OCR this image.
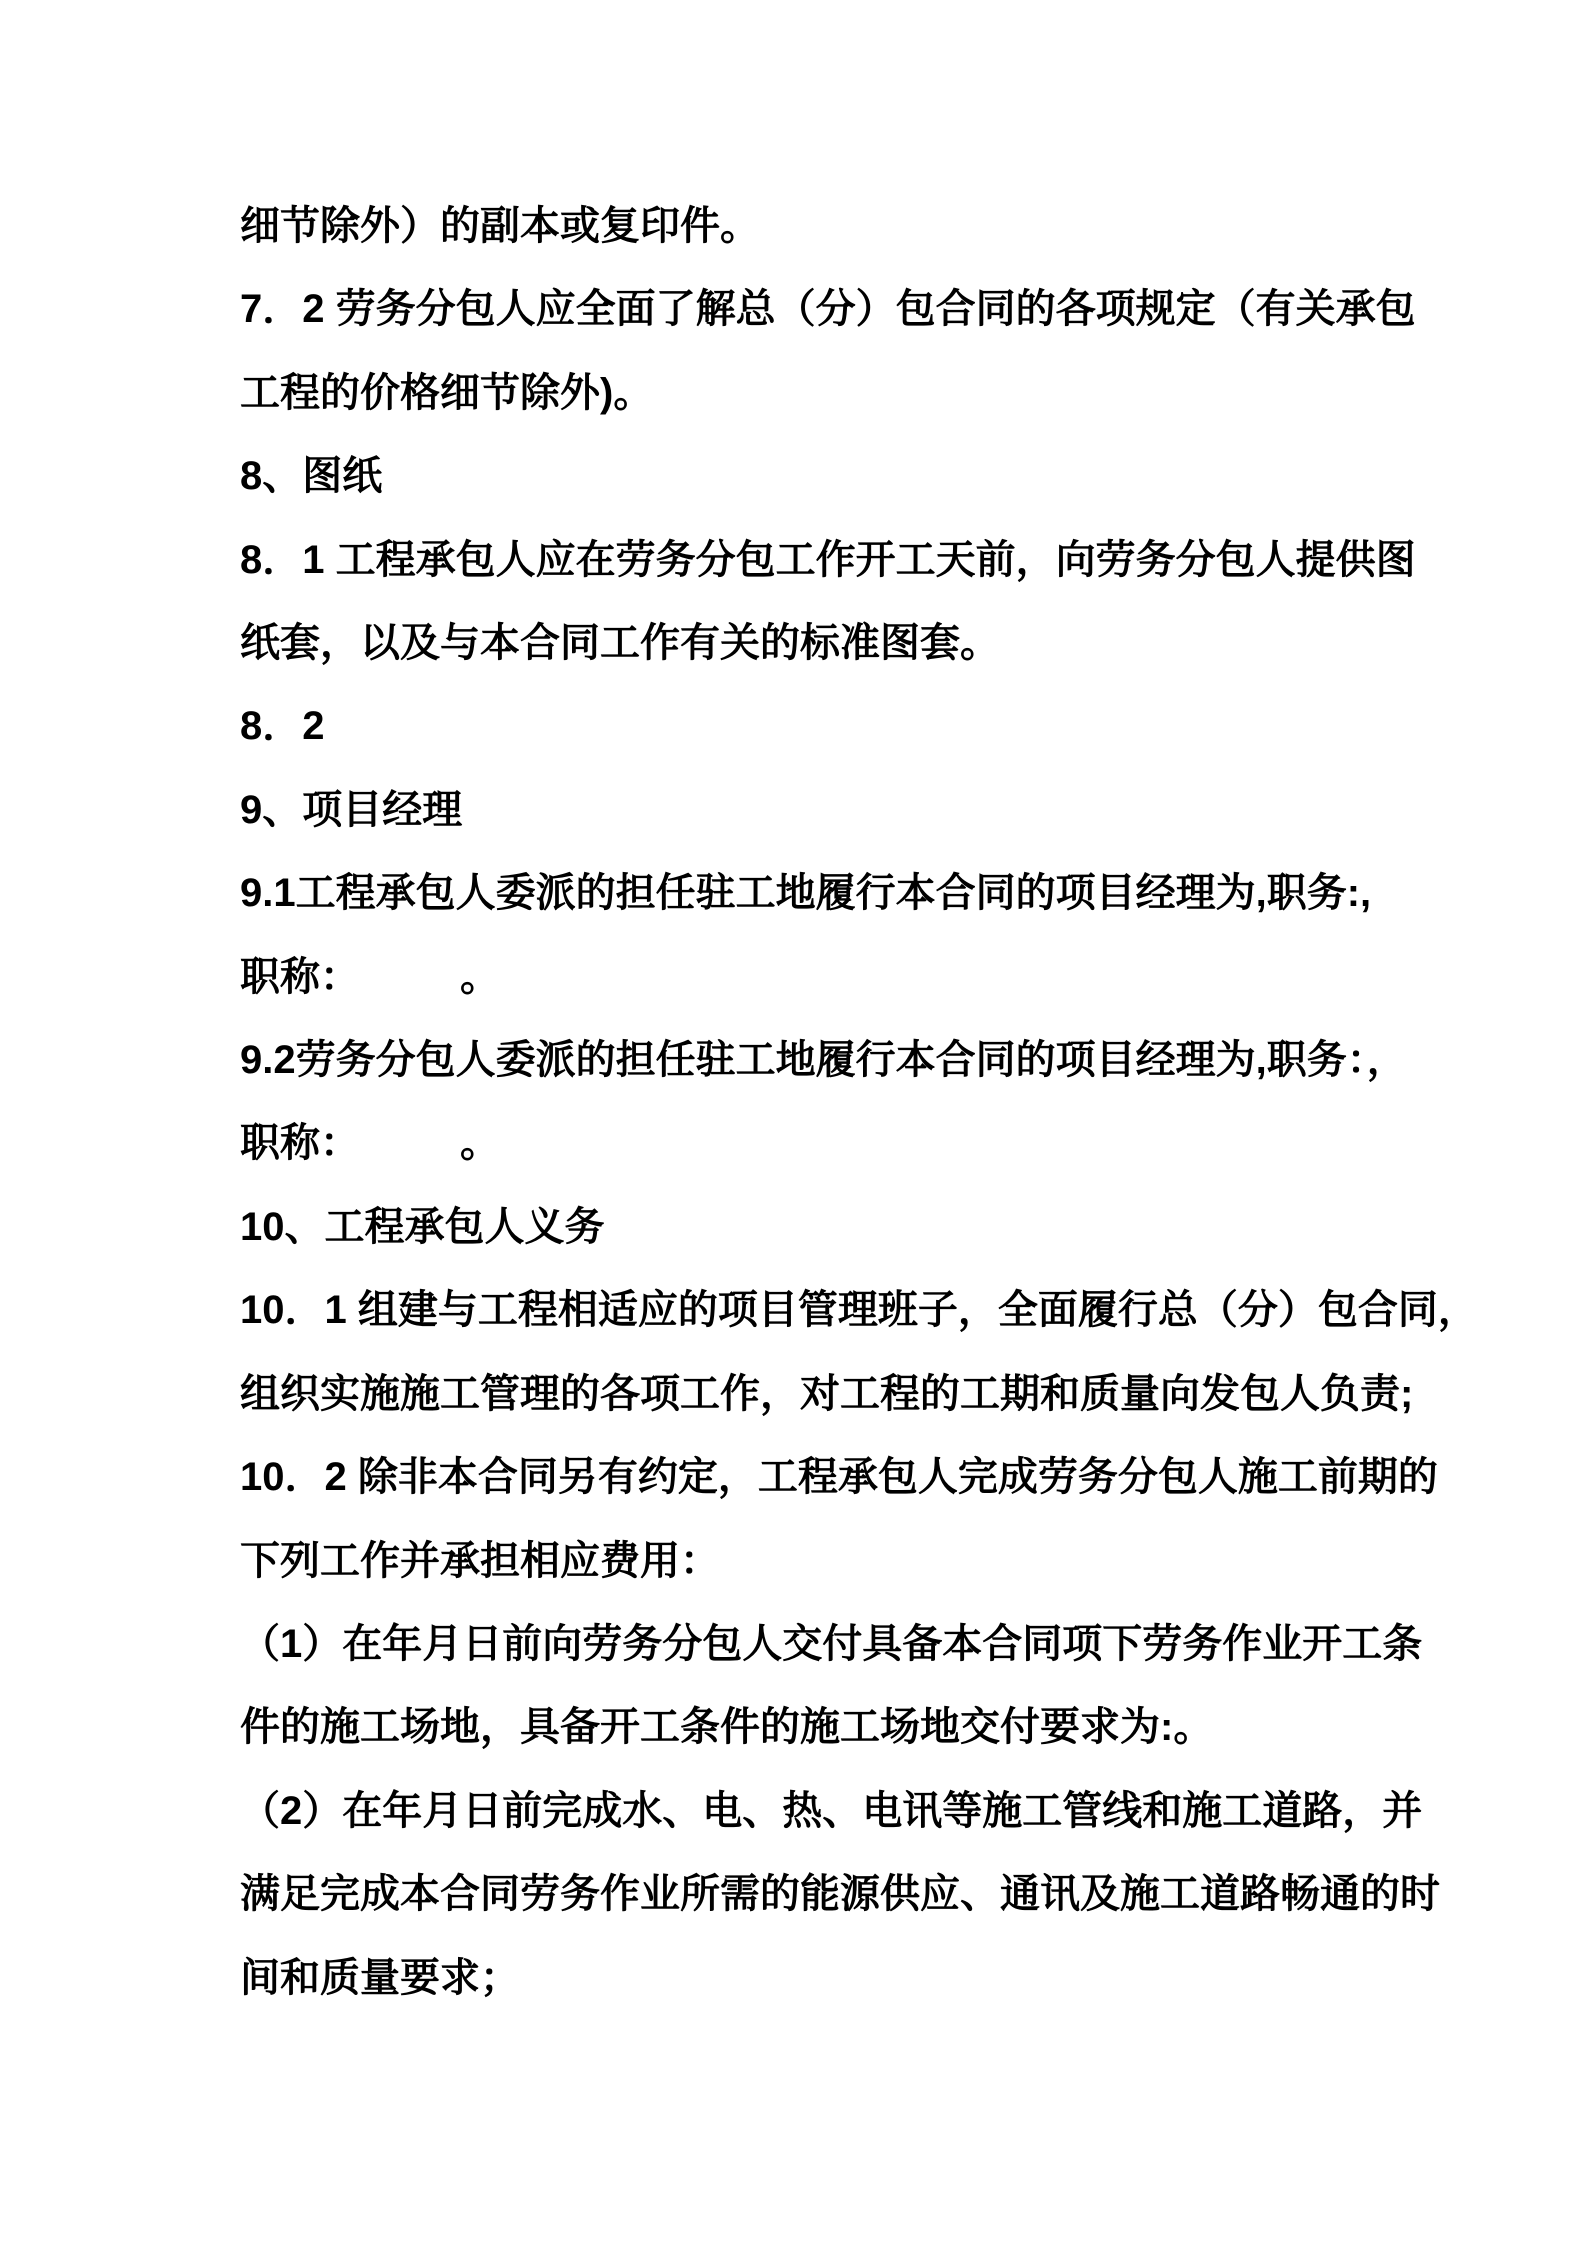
细节除外）的副本或复印件。
7．2 劳务分包人应全面了解总（分）包合同的各项规定（有关承包
工程的价格细节除外)。
8、图纸
8．1 工程承包人应在劳务分包工作开工天前，向劳务分包人提供图
纸套，以及与本合同工作有关的标准图套。
8．2
9、项目经理
9.1工程承包人委派的担任驻工地履行本合同的项目经理为,职务:,
职称：　　　。
9.2劳务分包人委派的担任驻工地履行本合同的项目经理为,职务：，
职称：　　　。
10、工程承包人义务
10．1 组建与工程相适应的项目管理班子，全面履行总（分）包合同，
组织实施施工管理的各项工作，对工程的工期和质量向发包人负责;
10．2 除非本合同另有约定，工程承包人完成劳务分包人施工前期的
下列工作并承担相应费用：
（1）在年月日前向劳务分包人交付具备本合同项下劳务作业开工条
件的施工场地，具备开工条件的施工场地交付要求为:。
（2）在年月日前完成水、电、热、电讯等施工管线和施工道路，并
满足完成本合同劳务作业所需的能源供应、通讯及施工道路畅通的时
间和质量要求；
